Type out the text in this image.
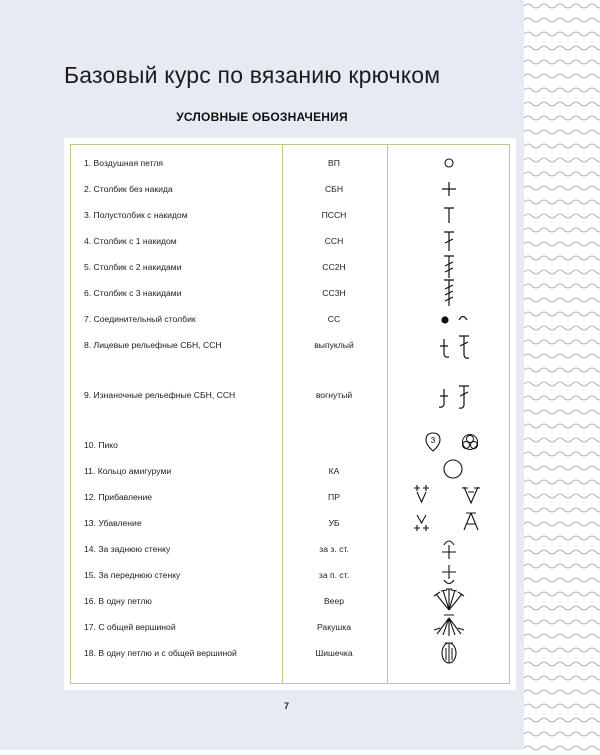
Базовый курс по вязанию крючком
УСЛОВНЫЕ ОБОЗНАЧЕНИЯ
1. Воздушная петля	ВП
2. Столбик без накида	СБН
3. Полустолбик с накидом	ПССН
4. Столбик с 1 накидом	ССН
5. Столбик с 2 накидами	СС2Н
6. Столбик с 3 накидами	СС3Н
7. Соединительный столбик	СС
8. Лицевые рельефные СБН, ССН	выпуклый
9. Изнаночные рельефные СБН, ССН	вогнутый
10. Пико	3
11. Кольцо амигуруми	КА
12. Прибавление	ПР
13. Убавление	УБ
14. За заднюю стенку	за з. ст.
15. За переднюю стенку	за п. ст.
16. В одну петлю	Веер
17. С общей вершиной	Ракушка
18. В одну петлю и с общей вершиной	Шишечка
7
